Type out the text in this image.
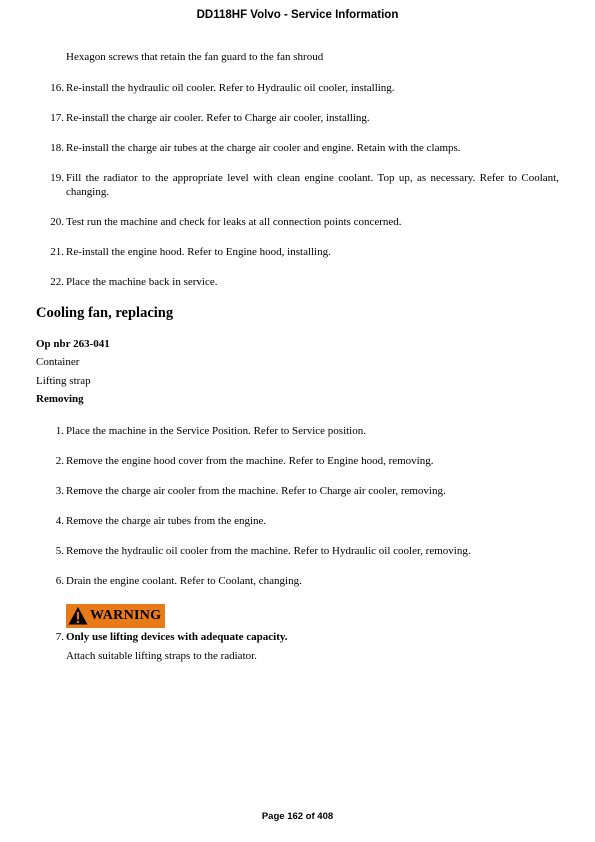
DD118HF Volvo - Service Information
Hexagon screws that retain the fan guard to the fan shroud
16. Re-install the hydraulic oil cooler. Refer to Hydraulic oil cooler, installing.
17. Re-install the charge air cooler. Refer to Charge air cooler, installing.
18. Re-install the charge air tubes at the charge air cooler and engine. Retain with the clamps.
19. Fill the radiator to the appropriate level with clean engine coolant. Top up, as necessary. Refer to Coolant, changing.
20. Test run the machine and check for leaks at all connection points concerned.
21. Re-install the engine hood. Refer to Engine hood, installing.
22. Place the machine back in service.
Cooling fan, replacing
Op nbr 263-041
Container
Lifting strap
Removing
1. Place the machine in the Service Position. Refer to Service position.
2. Remove the engine hood cover from the machine. Refer to Engine hood, removing.
3. Remove the charge air cooler from the machine. Refer to Charge air cooler, removing.
4. Remove the charge air tubes from the engine.
5. Remove the hydraulic oil cooler from the machine. Refer to Hydraulic oil cooler, removing.
6. Drain the engine coolant. Refer to Coolant, changing.
WARNING
7. Only use lifting devices with adequate capacity.
Attach suitable lifting straps to the radiator.
Page 162 of 408
